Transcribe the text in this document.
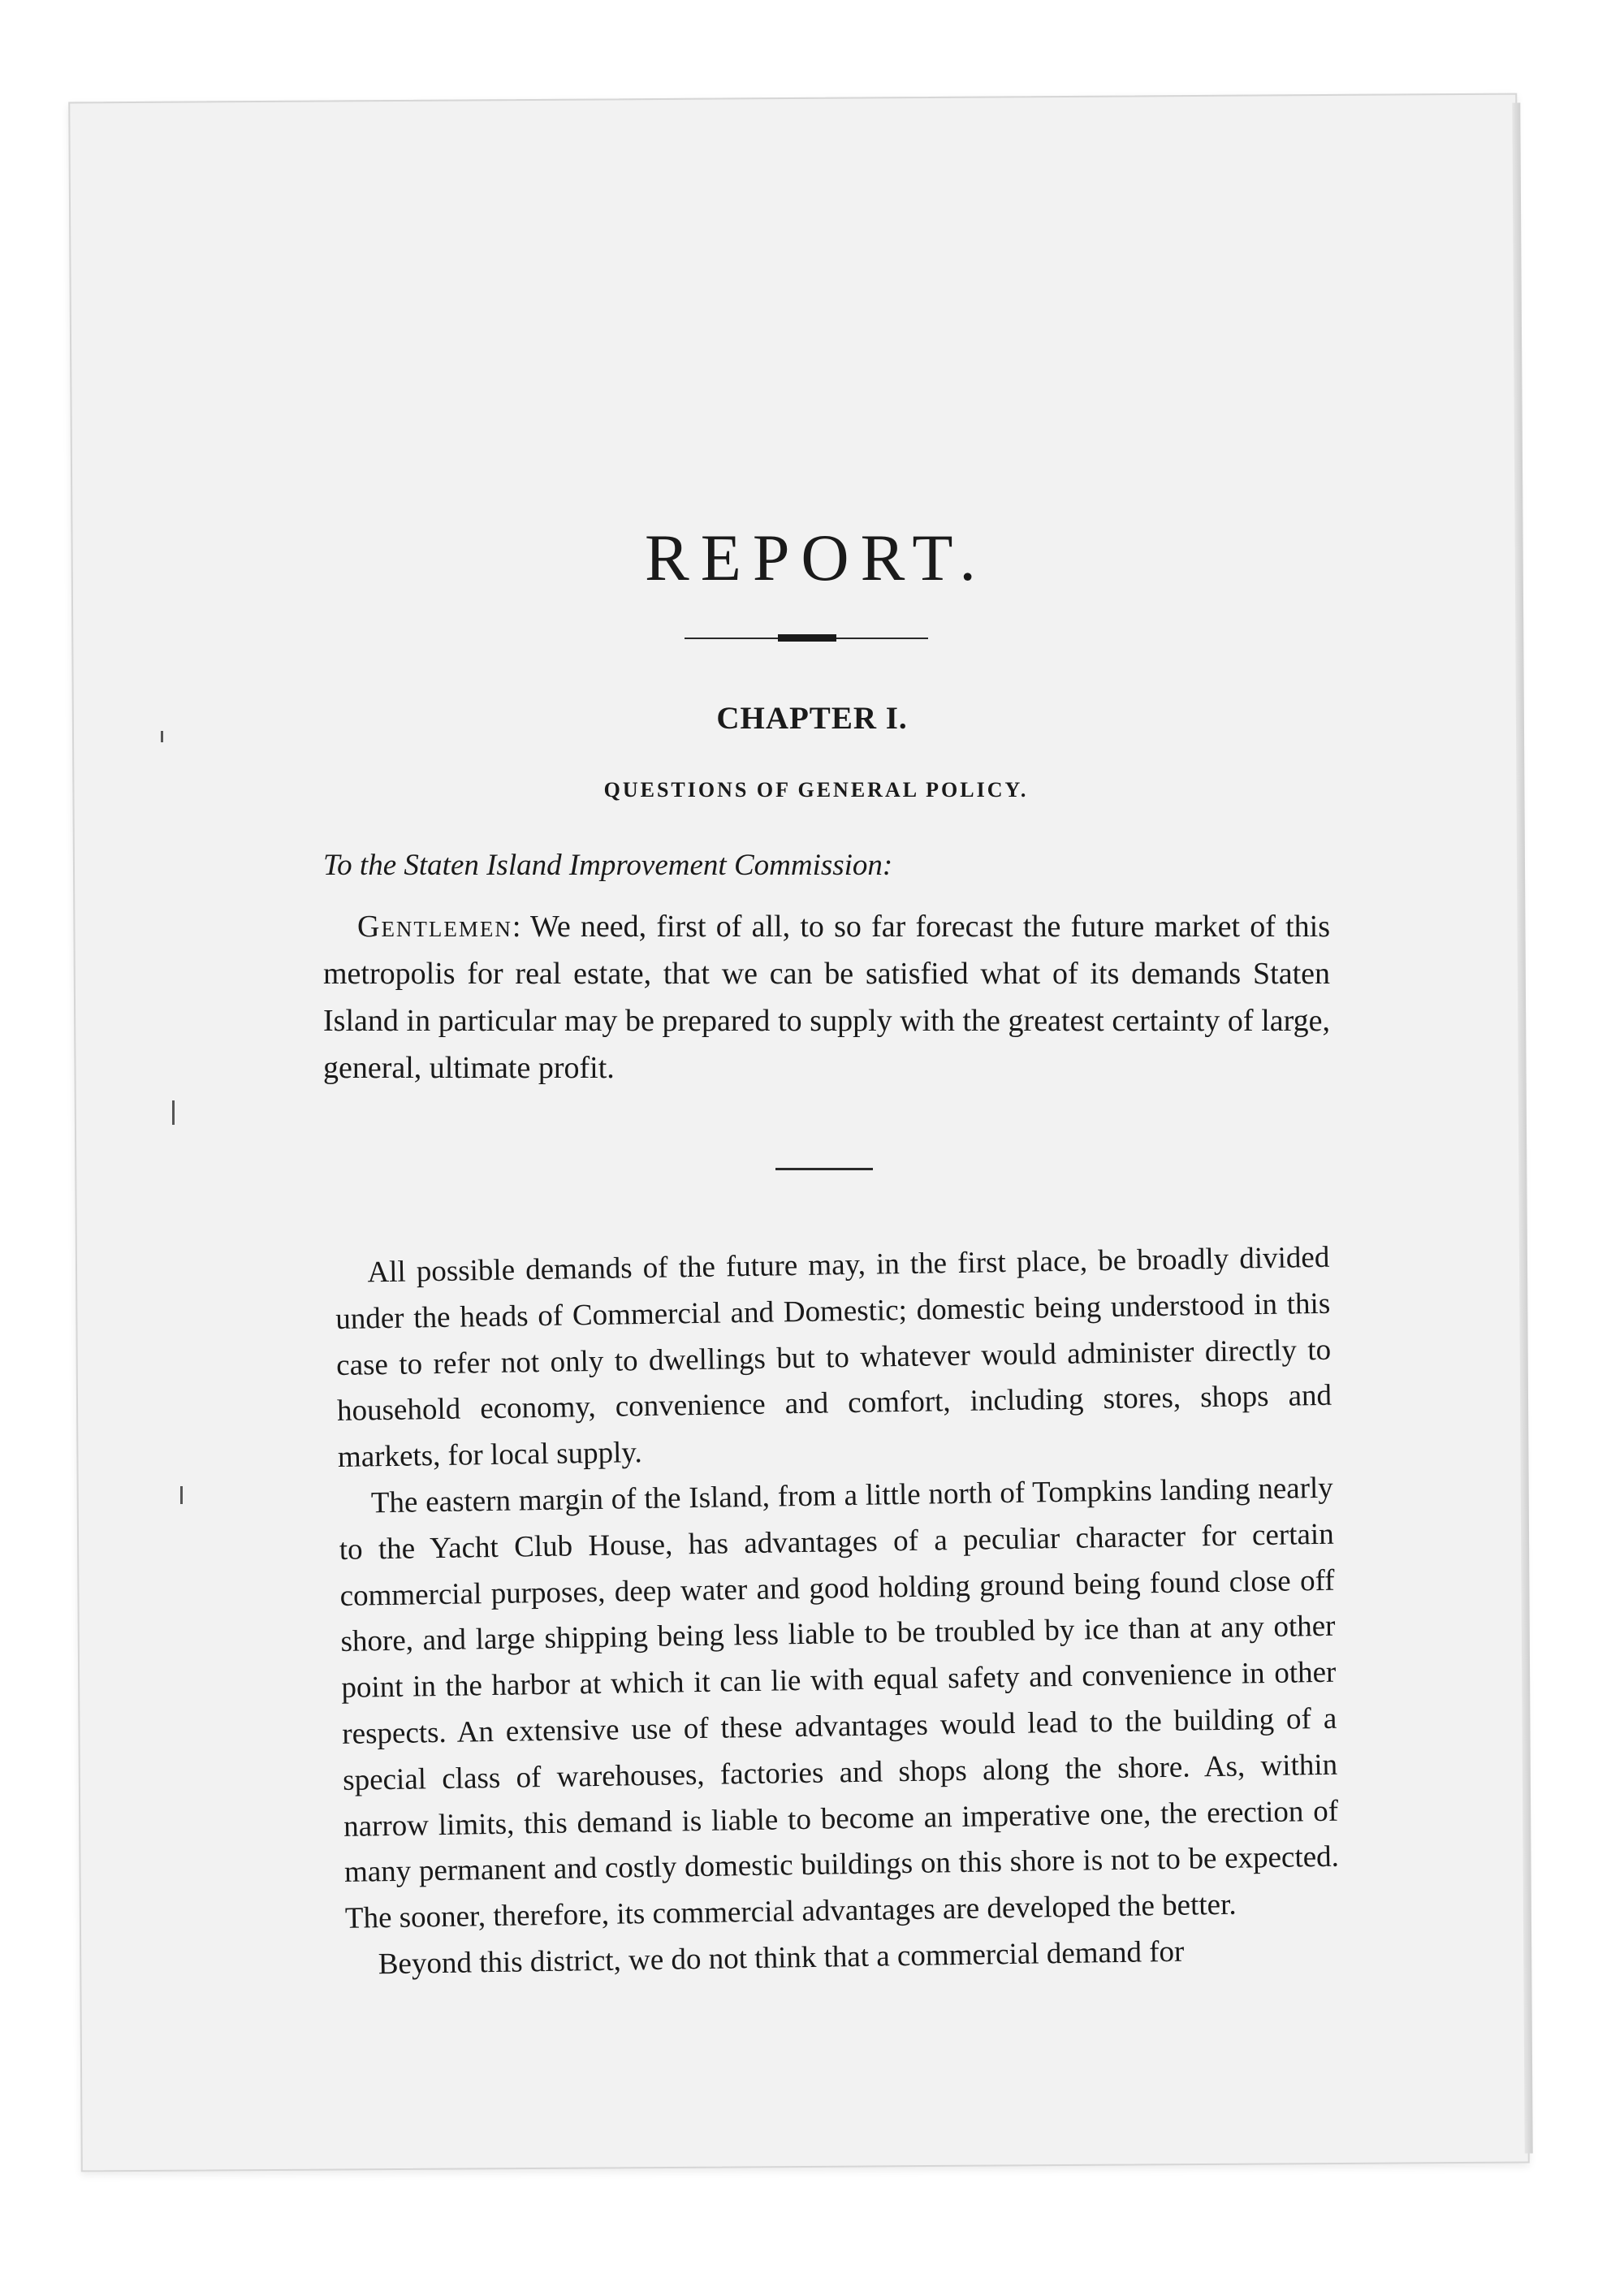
REPORT.
CHAPTER I.
QUESTIONS OF GENERAL POLICY.

To the Staten Island Improvement Commission:

Gentlemen: We need, first of all, to so far forecast the future market of this metropolis for real estate, that we can be satisfied what of its demands Staten Island in particular may be prepared to supply with the greatest certainty of large, general, ultimate profit.

All possible demands of the future may, in the first place, be broadly divided under the heads of Commercial and Domestic; domestic being understood in this case to refer not only to dwellings but to whatever would administer directly to household economy, convenience and comfort, including stores, shops and markets, for local supply.

The eastern margin of the Island, from a little north of Tompkins landing nearly to the Yacht Club House, has advantages of a peculiar character for certain commercial purposes, deep water and good holding ground being found close off shore, and large shipping being less liable to be troubled by ice than at any other point in the harbor at which it can lie with equal safety and convenience in other respects. An extensive use of these advantages would lead to the building of a special class of warehouses, factories and shops along the shore. As, within narrow limits, this demand is liable to become an imperative one, the erection of many permanent and costly domestic buildings on this shore is not to be expected. The sooner, therefore, its commercial advantages are developed the better.

Beyond this district, we do not think that a commercial demand for
